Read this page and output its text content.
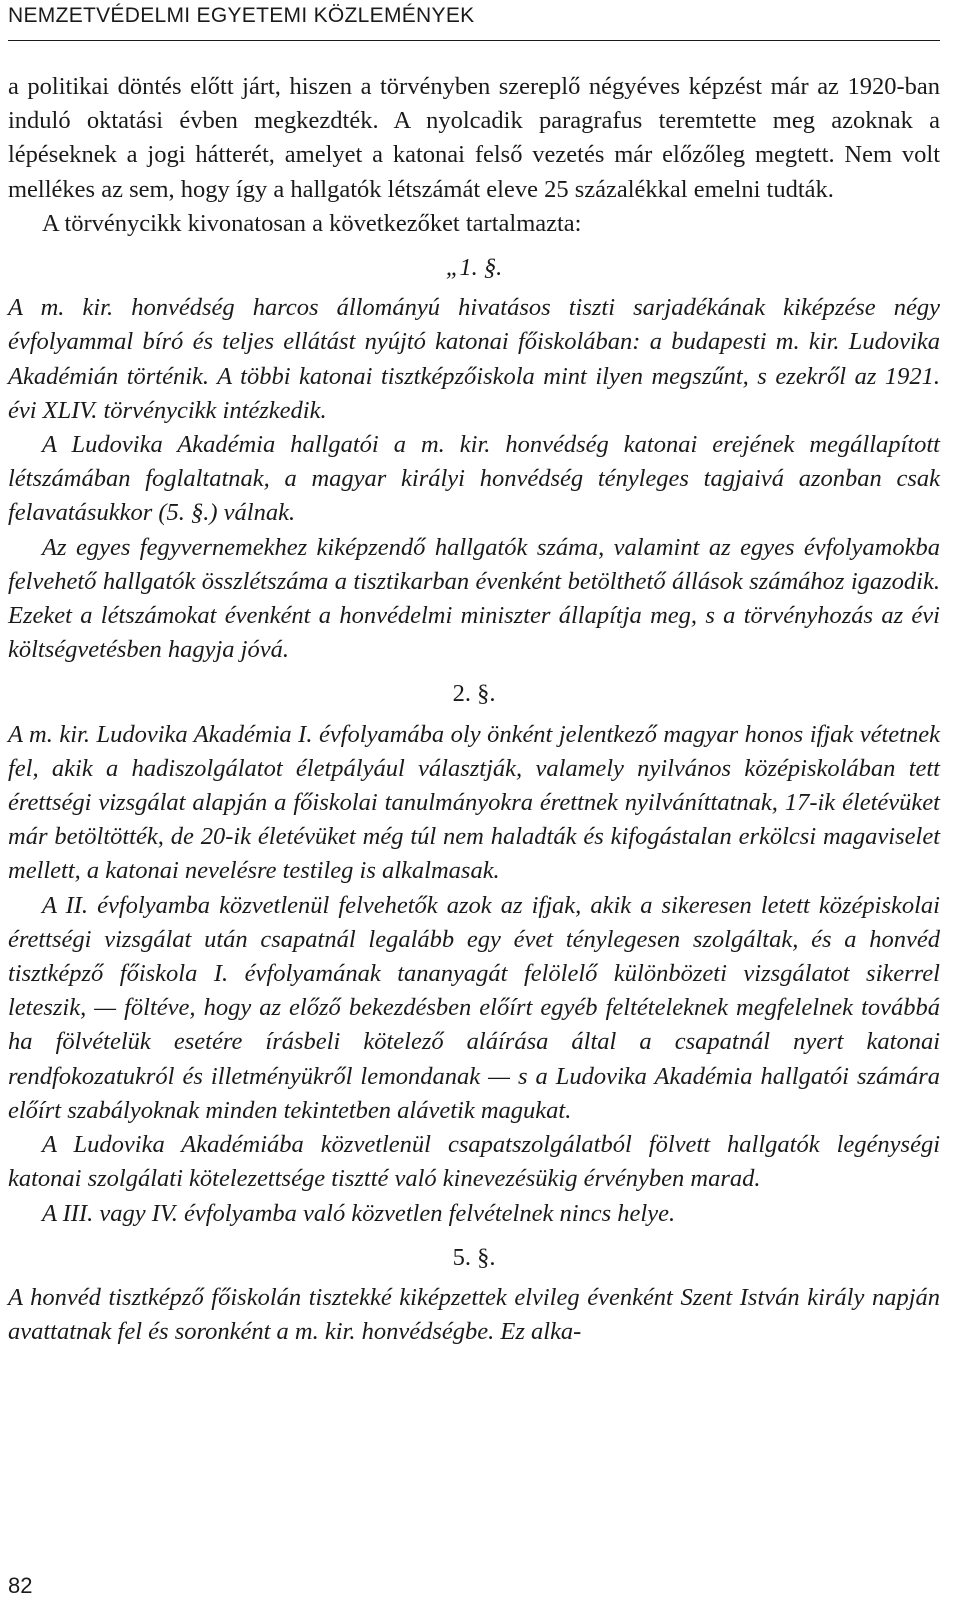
NEMZETVÉDELMI EGYETEMI KÖZLEMÉNYEK

a politikai döntés előtt járt, hiszen a törvényben szereplő négyéves képzést már az 1920-ban induló oktatási évben megkezdték. A nyolcadik paragrafus teremtette meg azoknak a lépéseknek a jogi hátterét, amelyet a katonai felső vezetés már előzőleg megtett. Nem volt mellékes az sem, hogy így a hallgatók létszámát eleve 25 százalékkal emelni tudták.

A törvénycikk kivonatosan a következőket tartalmazta:

„1. §.

A m. kir. honvédség harcos állományú hivatásos tiszti sarjadékának kiképzése négy évfolyammal bíró és teljes ellátást nyújtó katonai főiskolában: a budapesti m. kir. Ludovika Akadémián történik. A többi katonai tisztképzőiskola mint ilyen megszűnt, s ezekről az 1921. évi XLIV. törvénycikk intézkedik.

A Ludovika Akadémia hallgatói a m. kir. honvédség katonai erejének megállapított létszámában foglaltatnak, a magyar királyi honvédség tényleges tagjaivá azonban csak felavatásukkor (5. §.) válnak.

Az egyes fegyvernemekhez kiképzendő hallgatók száma, valamint az egyes évfolyamokba felvehető hallgatók összlétszáma a tisztikarban évenként betölthető állások számához igazodik. Ezeket a létszámokat évenként a honvédelmi miniszter állapítja meg, s a törvényhozás az évi költségvetésben hagyja jóvá.

2. §.

A m. kir. Ludovika Akadémia I. évfolyamába oly önként jelentkező magyar honos ifjak vétetnek fel, akik a hadiszolgálatot életpályául választják, valamely nyilvános középiskolában tett érettségi vizsgálat alapján a főiskolai tanulmányokra érettnek nyilváníttatnak, 17-ik életévüket már betöltötték, de 20-ik életévüket még túl nem haladták és kifogástalan erkölcsi magaviselet mellett, a katonai nevelésre testileg is alkalmasak.

A II. évfolyamba közvetlenül felvehetők azok az ifjak, akik a sikeresen letett középiskolai érettségi vizsgálat után csapatnál legalább egy évet ténylegesen szolgáltak, és a honvéd tisztképző főiskola I. évfolyamának tananyagát felölelő különbözeti vizsgálatot sikerrel leteszik, — föltéve, hogy az előző bekezdésben előírt egyéb feltételeknek megfelelnek továbbá ha fölvételük esetére írásbeli kötelező aláírása által a csapatnál nyert katonai rendfokozatukról és illetményükről lemondanak — s a Ludovika Akadémia hallgatói számára előírt szabályoknak minden tekintetben alávetik magukat.

A Ludovika Akadémiába közvetlenül csapatszolgálatból fölvett hallgatók legénységi katonai szolgálati kötelezettsége tisztté való kinevezésükig érvényben marad.

A III. vagy IV. évfolyamba való közvetlen felvételnek nincs helye.

5. §.

A honvéd tisztképző főiskolán tisztekké kiképzettek elvileg évenként Szent István király napján avattatnak fel és soronként a m. kir. honvédségbe. Ez alka-

82
